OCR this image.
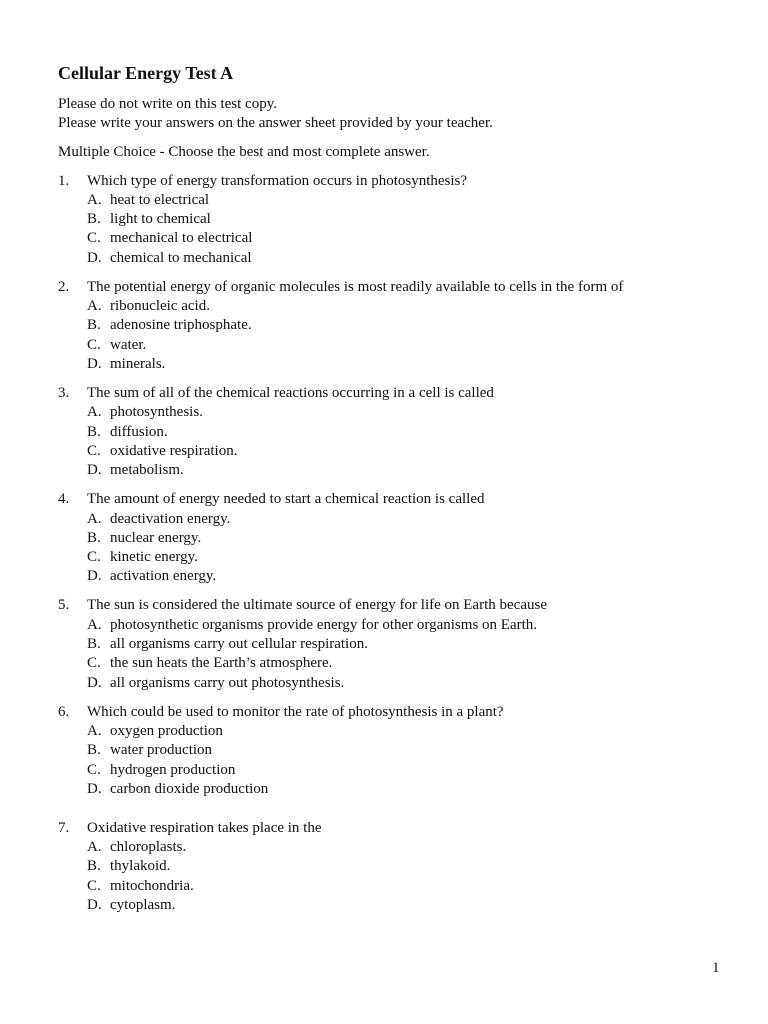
Cellular Energy Test A
Please do not write on this test copy.
Please write your answers on the answer sheet provided by your teacher.
Multiple Choice - Choose the best and most complete answer.
1. Which type of energy transformation occurs in photosynthesis?
A. heat to electrical
B. light to chemical
C. mechanical to electrical
D. chemical to mechanical
2. The potential energy of organic molecules is most readily available to cells in the form of
A. ribonucleic acid.
B. adenosine triphosphate.
C. water.
D. minerals.
3. The sum of all of the chemical reactions occurring in a cell is called
A. photosynthesis.
B. diffusion.
C. oxidative respiration.
D. metabolism.
4. The amount of energy needed to start a chemical reaction is called
A. deactivation energy.
B. nuclear energy.
C. kinetic energy.
D. activation energy.
5. The sun is considered the ultimate source of energy for life on Earth because
A. photosynthetic organisms provide energy for other organisms on Earth.
B. all organisms carry out cellular respiration.
C. the sun heats the Earth’s atmosphere.
D. all organisms carry out photosynthesis.
6. Which could be used to monitor the rate of photosynthesis in a plant?
A. oxygen production
B. water production
C. hydrogen production
D. carbon dioxide production
7. Oxidative respiration takes place in the
A. chloroplasts.
B. thylakoid.
C. mitochondria.
D. cytoplasm.
1
